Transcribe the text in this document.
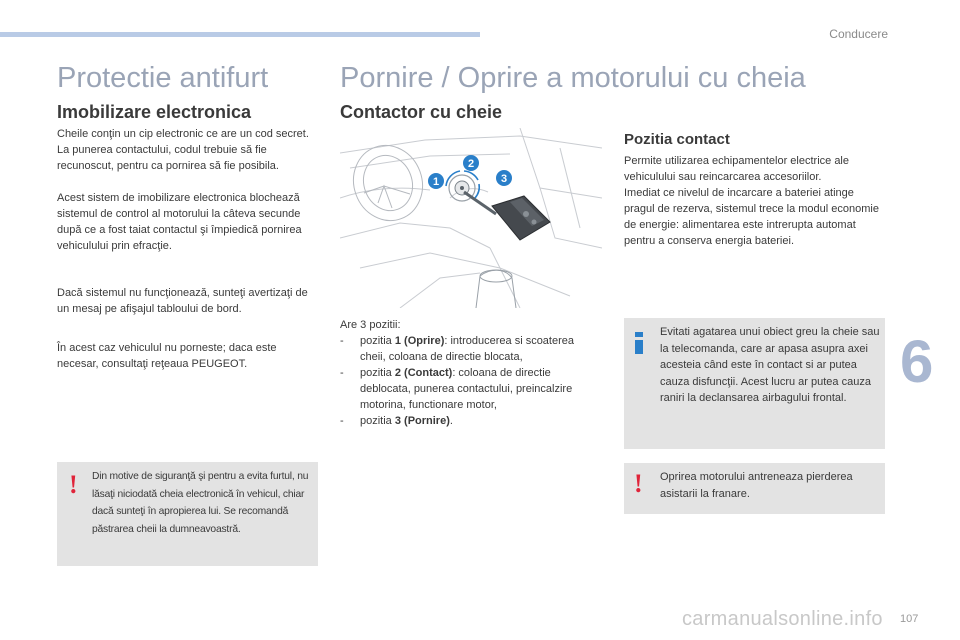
Conducere
6
107
carmanualsonline.info
Protectie antifurt
Imobilizare electronica

Cheile conţin un cip electronic ce are un cod secret. La punerea contactului, codul trebuie să fie recunoscut, pentru ca pornirea să fie posibila.

Acest sistem de imobilizare electronica blochează sistemul de control al motorului la câteva secunde după ce a fost taiat contactul şi împiedică pornirea vehiculului prin efracţie.

Dacă sistemul nu funcţionează, sunteţi avertizaţi de un mesaj pe afişajul tabloului de bord.

În acest caz vehiculul nu porneste; daca este necesar, consultaţi reţeaua PEUGEOT.

! Din motive de siguranţă şi pentru a evita furtul, nu lăsaţi niciodată cheia electronică în vehicul, chiar dacă sunteţi în apropierea lui. Se recomandă păstrarea cheii la dumneavoastră.

Pornire / Oprire a motorului cu cheia
Contactor cu cheie
1
2
3
Are 3 pozitii:
- pozitia 1 (Oprire): introducerea si scoaterea cheii, coloana de directie blocata,
- pozitia 2 (Contact): coloana de directie deblocata, punerea contactului, preincalzire motorina, functionare motor,
- pozitia 3 (Pornire).
Pozitia contact

Permite utilizarea echipamentelor electrice ale vehiculului sau reincarcarea accesoriilor.

Imediat ce nivelul de incarcare a bateriei atinge pragul de rezerva, sistemul trece la modul economie de energie: alimentarea este intrerupta automat pentru a conserva energia bateriei.

Evitati agatarea unui obiect greu la cheie sau la telecomanda, care ar apasa asupra axei acesteia când este în contact si ar putea cauza disfuncţii. Acest lucru ar putea cauza raniri la declansarea airbagului frontal.

! Oprirea motorului antreneaza pierderea asistarii la franare.
